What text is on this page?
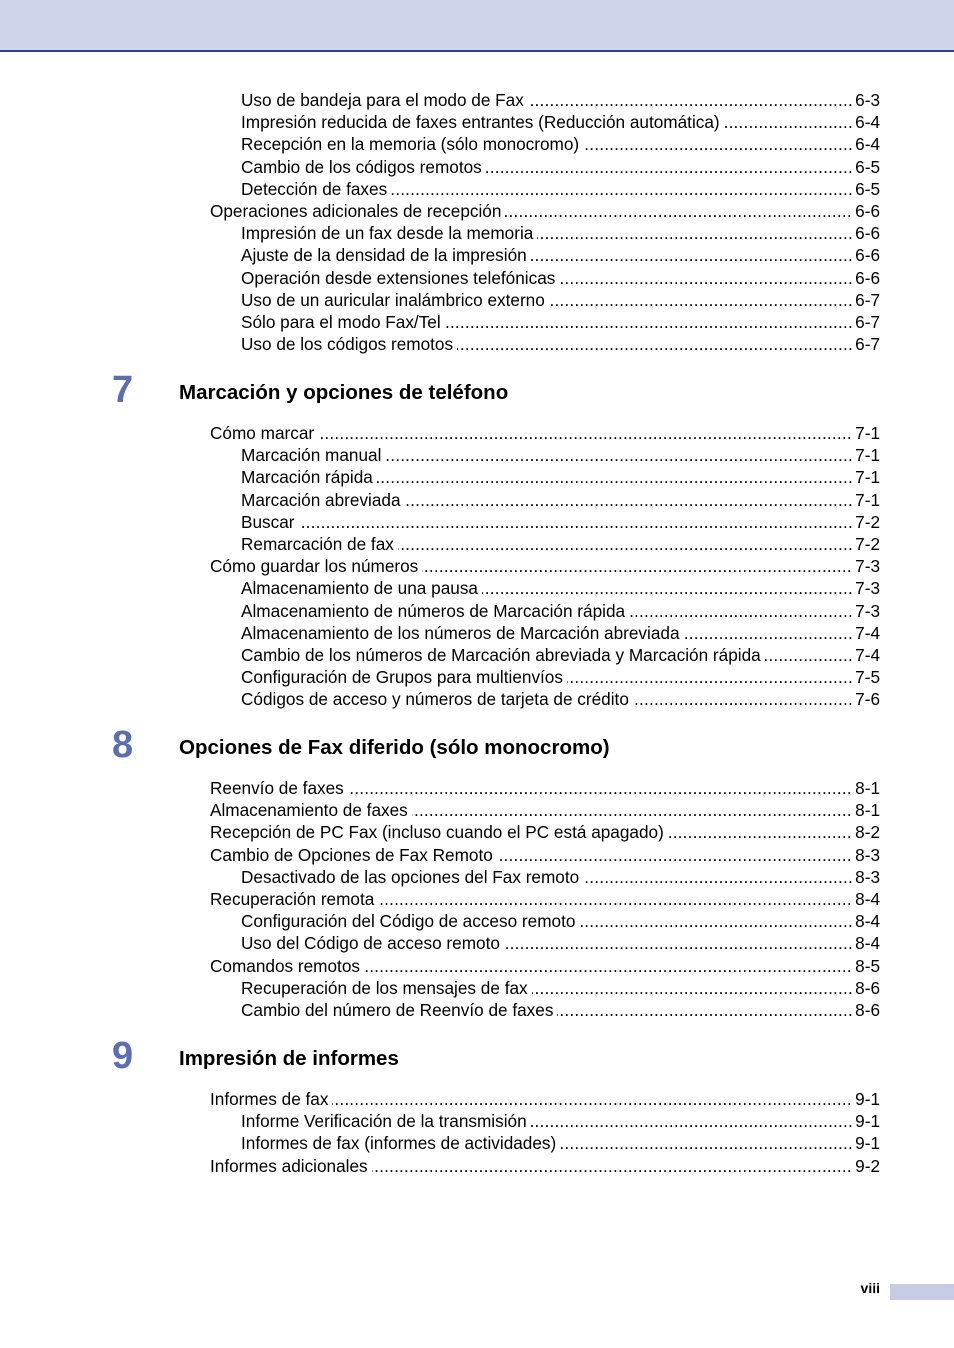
..... Uso de bandeja para el modo de Fax	6-3
..... Impresión reducida de faxes entrantes (Reducción automática)	6-4
..... Recepción en la memoria (sólo monocromo)	6-4
..... Cambio de los códigos remotos	6-5
..... Detección de faxes	6-5
..... Operaciones adicionales de recepción	6-6
..... Impresión de un fax desde la memoria	6-6
..... Ajuste de la densidad de la impresión	6-6
..... Operación desde extensiones telefónicas	6-6
..... Uso de un auricular inalámbrico externo	6-7
..... Sólo para el modo Fax/Tel	6-7
..... Uso de los códigos remotos	6-7
7	Marcación y opciones de teléfono
..... Cómo marcar	7-1
..... Marcación manual	7-1
..... Marcación rápida	7-1
..... Marcación abreviada	7-1
..... Buscar	7-2
..... Remarcación de fax	7-2
..... Cómo guardar los números	7-3
..... Almacenamiento de una pausa	7-3
..... Almacenamiento de números de Marcación rápida	7-3
..... Almacenamiento de los números de Marcación abreviada	7-4
..... Cambio de los números de Marcación abreviada y Marcación rápida	7-4
..... Configuración de Grupos para multienvíos	7-5
..... Códigos de acceso y números de tarjeta de crédito	7-6
8	Opciones de Fax diferido (sólo monocromo)
..... Reenvío de faxes	8-1
..... Almacenamiento de faxes	8-1
..... Recepción de PC Fax (incluso cuando el PC está apagado)	8-2
..... Cambio de Opciones de Fax Remoto	8-3
..... Desactivado de las opciones del Fax remoto	8-3
..... Recuperación remota	8-4
..... Configuración del Código de acceso remoto	8-4
..... Uso del Código de acceso remoto	8-4
..... Comandos remotos	8-5
..... Recuperación de los mensajes de fax	8-6
..... Cambio del número de Reenvío de faxes	8-6
9	Impresión de informes
..... Informes de fax	9-1
..... Informe Verificación de la transmisión	9-1
..... Informes de fax (informes de actividades)	9-1
..... Informes adicionales	9-2
viii
